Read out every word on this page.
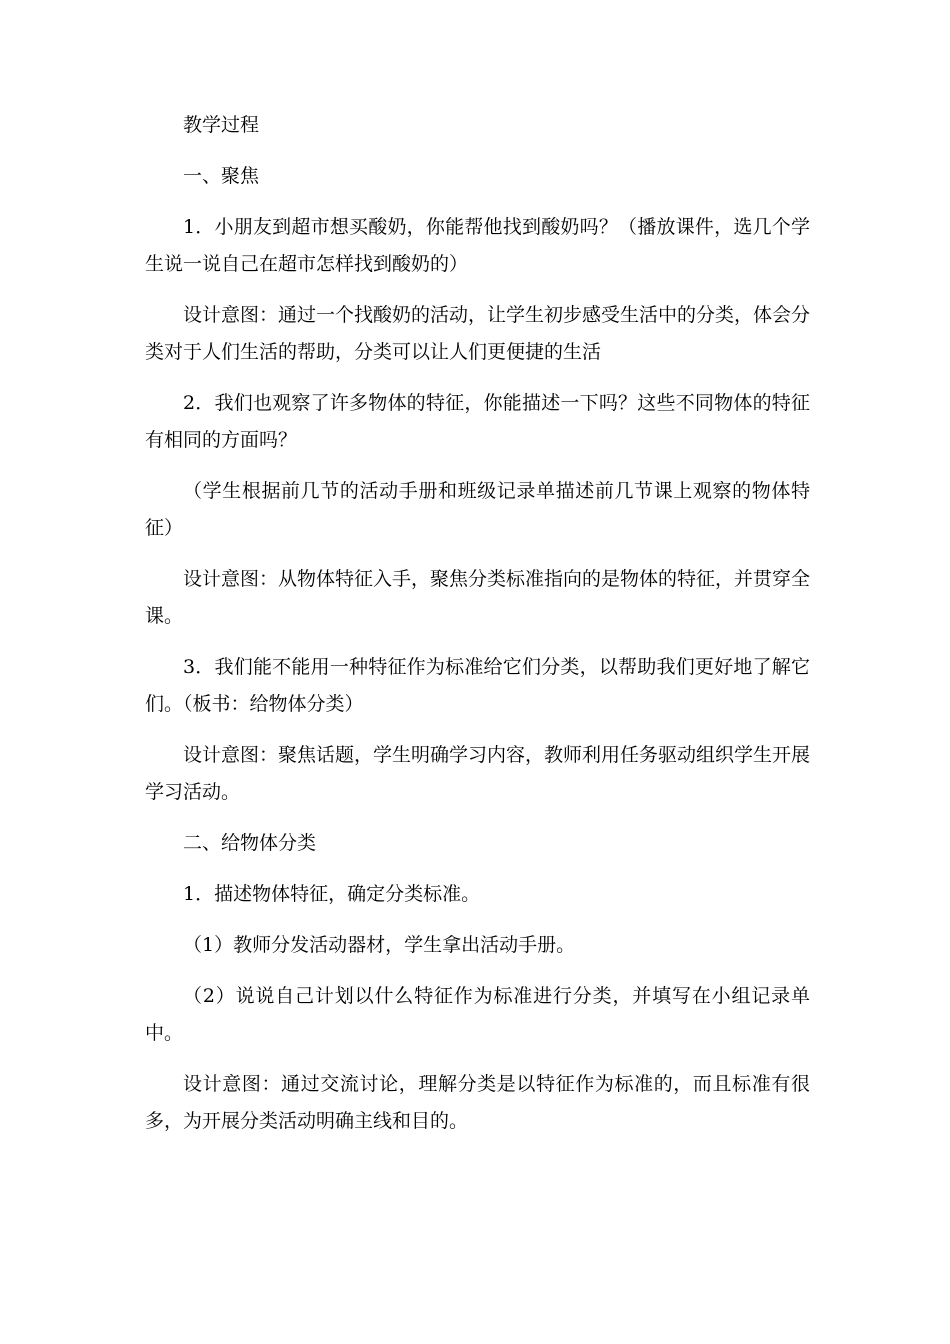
教学过程

一、聚焦

1．小朋友到超市想买酸奶，你能帮他找到酸奶吗？（播放课件，选几个学生说一说自己在超市怎样找到酸奶的）

设计意图：通过一个找酸奶的活动，让学生初步感受生活中的分类，体会分类对于人们生活的帮助，分类可以让人们更便捷的生活

2．我们也观察了许多物体的特征，你能描述一下吗？这些不同物体的特征有相同的方面吗？

（学生根据前几节的活动手册和班级记录单描述前几节课上观察的物体特征）

设计意图：从物体特征入手，聚焦分类标准指向的是物体的特征，并贯穿全课。

3．我们能不能用一种特征作为标准给它们分类，以帮助我们更好地了解它们。（板书：给物体分类）

设计意图：聚焦话题，学生明确学习内容，教师利用任务驱动组织学生开展学习活动。

二、给物体分类

1．描述物体特征，确定分类标准。

（1）教师分发活动器材，学生拿出活动手册。

（2）说说自己计划以什么特征作为标准进行分类，并填写在小组记录单中。

设计意图：通过交流讨论，理解分类是以特征作为标准的，而且标准有很多，为开展分类活动明确主线和目的。
